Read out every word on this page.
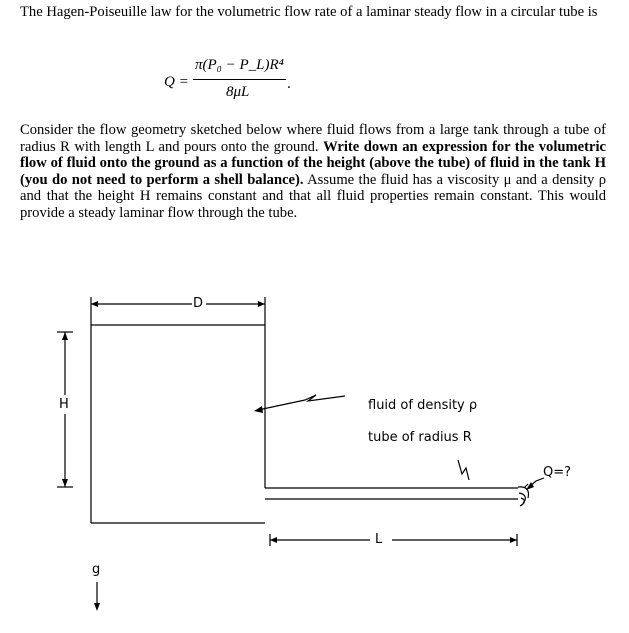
The Hagen-Poiseuille law for the volumetric flow rate of a laminar steady flow in a circular tube is
Q =
π(P₀ − P_L)R⁴
8μL	.
Consider the flow geometry sketched below where fluid flows from a large tank through a tube of radius R with length L and pours onto the ground. Write down an expression for the volumetric flow of fluid onto the ground as a function of the height (above the tube) of fluid in the tank H (you do not need to perform a shell balance). Assume the fluid has a viscosity μ and a density ρ and that the height H remains constant and that all fluid properties remain constant. This would provide a steady laminar flow through the tube.
D
H
L
g
fluid of density ρ
tube of radius R
Q=?
